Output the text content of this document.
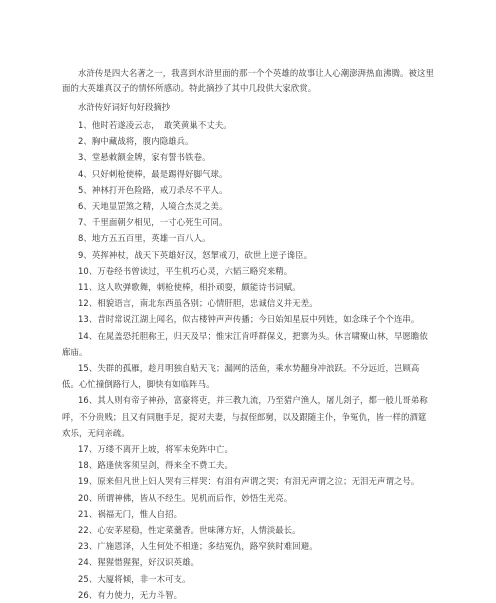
水浒传是四大名著之一，我喜到水浒里面的那一个个英雄的故事让人心潮澎湃热血沸腾。被这里面的大英雄真汉子的情怀所感动。特此摘抄了其中几段供大家欣赏。

水浒传好词好句好段摘抄
1、他时若遂凌云志，　敢笑黄巢不丈夫。
2、胸中藏战将，腹内隐雄兵。
3、堂悬敕额金牌，家有誓书铁卷。
4、只好刺枪使棒，最是踢得好脚气球。
5、神林打开色险路，戒刀杀尽不平人。
6、天地显罡煞之精，人境合杰灵之美。
7、千里面朝夕相见，一寸心死生可同。
8、地方五五百里，英雄一百八人。
9、英挥神杖，战天下英雄好汉，怒挈戒刀，砍世上逆子谗臣。
10、万卷经书曾读过，平生机巧心灵，六韬三略究来精。
11、这人吹弹歌舞，刺枪使棒，相扑顽耍，颇能诗书词赋。
12、相貌语言，南北东西虽各别；心情肝胆，忠诚信义并无差。
13、昔时常说江湖上闻名，似古楼钟声声传播；今日始知星辰中列姓，如念珠子个个连串。
14、在晁盖恐托胆称王，归天及早；惟宋江肯呼群保义，把寨为头。休言啸聚山林，早愿瞻依廊庙。
15、失群的孤雁，趁月明独自贴天飞；漏网的活鱼，乘水势翻身冲浪跃。不分远近，岂顾高低。心忙撞倒路行人，脚快有如临阵马。
16、其人则有帝子神孙，富豪将吏，并三教九流，乃至猎户渔人，屠儿刽子，都一般儿哥弟称呼，不分贵贱；且又有同胞手足，捉对夫妻，与叔侄郎舅，以及跟随主仆，争冤仇，皆一样的酒筵欢乐，无问亲疏。
17、万缕不离开上坡，将军未免阵中亡。
18、路逢侠客须呈剑，得来全不费工夫。
19、原来但凡世上妇人哭有三样哭：有泪有声谓之哭；有泪无声谓之泣；无泪无声谓之号。
20、所谓神佛，皆从不经生。见机而后作，妙悟生光亮。
21、祸福无门，惟人自招。
22、心安茅屋稳，性定菜羹香。世味薄方好，人情淡最长。
23、广施恩泽，人生何处不相逢；多结冤仇，路窄狭时难回避。
24、猩猩惜猩猩，好汉识英雄。
25、大厦将倾，非一木可支。
26、有力使力，无力斗智。
